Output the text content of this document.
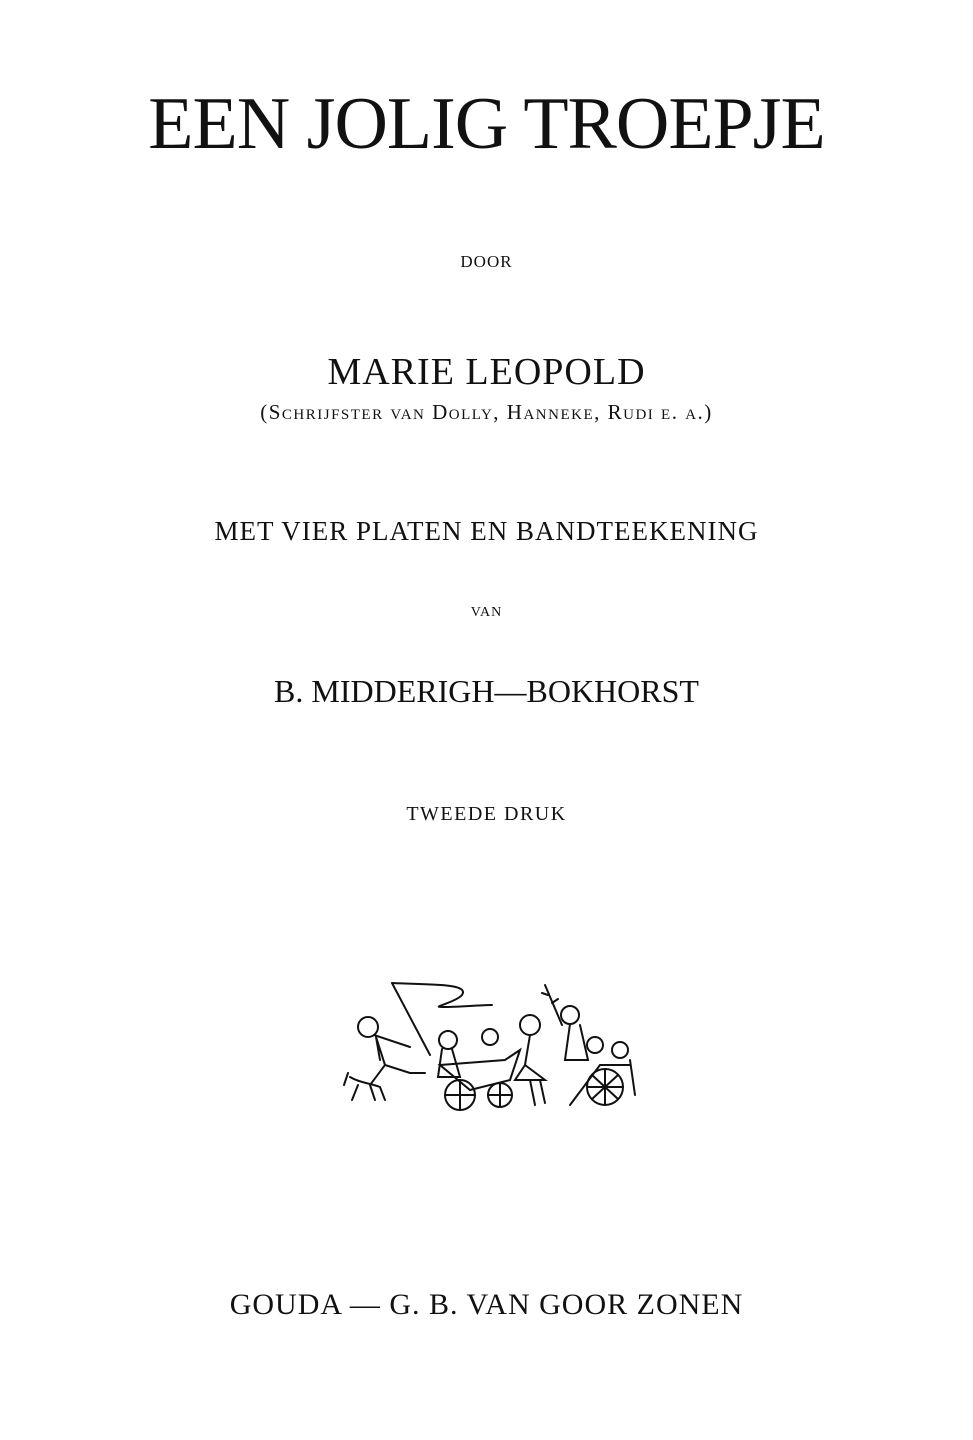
EEN JOLIG TROEPJE
DOOR
MARIE LEOPOLD
(Schrijfster van Dolly, Hanneke, Rudi e. a.)
MET VIER PLATEN EN BANDTEEKENING
VAN
B. MIDDERIGH—BOKHORST
TWEEDE DRUK
GOUDA — G. B. VAN GOOR ZONEN
